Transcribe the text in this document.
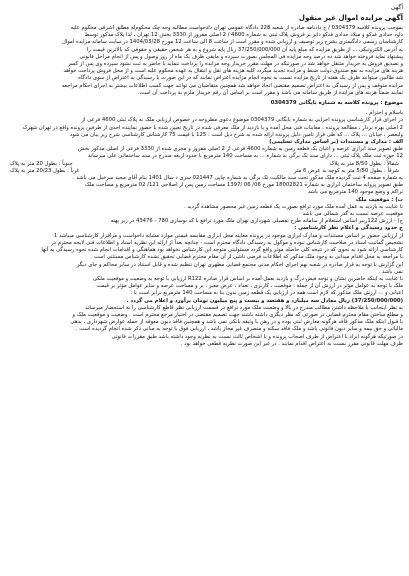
آگهی

آگهی مزایده اموال غیر منقول

بموجب پرونده کلاسه 0304379 / ج دادنامه صادره از شعبه 228 دادگاه عمومی تهران دادخواست مطالبه وجه چک محکوم‌له مطلق اشرفی محکوم علیه

داود حدادی فدکو و میلاد حدادی فدکو دایر بر فروش پلاک ثبتی به شماره 4600 / 2 اصلی مفروز از 3330 بخش 12 تهران ، لذا پلاک مذکور توسط

کارشناسان رسمی دادگستری بشرح زیر توصیف و ارزیابی شده و مقرر است از ساعت 8 الی ساعت 12 مورخ 1404/03/28 در سایت سامانه مزایده اموال

به آدرس الکترونیکی ... از طریق مزایده که مبلغ پایه آن 37/250/000/000 ریال پایه شروع و به هر شخص حقیقی و حقوقی که بالاترین قیمت را

پیشنهاد نماید فروخته خواهد شد ده درصد وجه مزایده فی المجلس بصورت سپرده و مابقی ظرف یک ماه از روز وصول و پس از انجام مراحل قانونی

و تصدیق فروش به خریدار منتقل خواهد شد در صورتیکه در مهلت مقرر خریدار وجه مزایده را پرداخت ننماید یا حاضر به ثبت نشود سپرده وی پس از کسر

هزینه های مزایده به نفع صندوق دولت ضبط و مزایده تجدید میگردد کلیه هزینه های نقل و انتقال به عهده محکوم علیه است و از محل فروش پرداخت خواهد

شد طالبین میتوانند ظرف یک هفته از تاریخ مزایده نسبت به نحوه انجام مزایده اعتراض نمایند که در این صورت با رسیدگی به اعتراض از سوی دادگاه

مزایده متوقف و پس از رسیدگی به اعتراض تصمیم مقتضی اتخاذ خواهد شد همچنین متقاضیان می توانند جهت کسب اطلاعات بیشتر به اجرای احکام مراجعه

نمایند ضمناً هزینه های مزایده از طریق سامانه می باشد و مقرر است بر اساس آن رقم خریدار ملزم به پرداخت آن است.

موضوع : پرونده کلاسه به شماره بایگانی 0304379

باسلام و احترام ،

در اجرای قرار کارشناسی پرونده اجرایی به شماره بایگانی 0304379 موضوع دعوی مطروحه در خصوص ارزیابی ملک به پلاک ثبتی 4600 فرعی از

2 اصلی بهره بردار ، مطالعه پرونده ، معاینات فنی محل آمده و با بازدید از ملک معرفی شده در تاریخ تعیین شده با حضور نماینده احدی از طرفین پرونده واقع در تهران شهرک

ولیعصر ، خیابان ... پلاک ... که طی قرار تامین دلیل پرونده ارائه شده به شرح ذیل است : 125 با قیمت 75 کارشناس کارشناسی شرح زیر بیان می شود

الف : مدارک و مستندات (بر اساس مدارک تسلیمی)

طبق تصویر سند ابرازی عرصه و اعیان یک قطعه زمین به شماره 4600 فرعی از 2 اصلی مفروز و مجزی شده از 3330 فرعی از اصلی مذکور بخش

12 حوزه ثبت ملک پلاک ثبتی ... دارای سند تک برگی به شماره ... به مساحت 140 مترمربع با حدود اربعه مندرج در سند ساختمانی علی میرساند

شمالاً : بطول 8/50 متر به پلاک
جنوباً : بطول 20 متر به پلاک
شرقاً : بطول 5/50 متر به کوچه به عرض 6 متر
غرباً : بطول 20/23 متر به پلاک

به شماره صفحه 4 ثبت گردیده ملک مذکور تحت سند مالکیت تک برگی به شماره چاپی 021447 سری د سال 1401 بنام آقای مجید سرخیل می باشد .

طبق تصویر پروانه ساختمان ابرازی به شماره 18002821 مورخ 06/ 06 /1397 مساحت زمین پس از اصلاحی 121/ 02 مترمربع و مساحت ملک

تراکم و وضع موجود 140 مترمربع می باشد

ب) : موقعیت ملک

با عنایت به بازدید به عمل آمده ملک مورد ترافع بصورت یک قطعه زمین غیر محصور مشاهده گردید .

موقعیت عرصه نسبت به گذر شمالی می باشد

ج) - ارزش 122ریبر اساس استعلام از سامانه طرح تفصیلی شهرداری تهران ملک مورد ترافع با کد نوسازی 780 - 43476 در زیر پهنه

ج حدود رسیدگی و اعلام نظر کارشناسی :

از ارزیابی حضور بر اساس مستندات و مدارک ابرازی موجود در پرونده معاینه محل ابرازی مقایسه قیمتی موارد مشابه داخواست و مزاقرار کارشناسی میباشد 1

تشخیص گمانیت اسناد در صلاحیت کارشناس نبوده و موکول به رسیدگی دادگاه محترم است - چنانچه بعداً از ارائه این نظریه اسناد و اطلاعات فنی لایحه محترم در

کارشناسی ارائه شود به نحوی که در نتیجه کلی حاصله موثر واقع گردد مسئولیتی متوجه این کارشناس نخواهد بود هماهنگی و اقدامات انجام شده نحوه رسیدگی به آنها

با مراجعه به محل اقدام میدانی به وجود ملک مذکور که اطلاعات فرضی ناشی از آن مقام محترم قضایی تحقیق نشده کارشناس مستثنی است .

این گزارش با توجه به قرار صادره در شعبه نهم اجرای احکام مدنی مجتمع قضایی مطهری تهران تنظیم شده و قابل استناد در سایر محاکم و جای دیگر

نمی باشد .

با عنایت به اینکه حاضرین نشان و توجه فیض درگ و بازدید بعمل آمده بر اساس قرار صادره R122 ارزیابی با توجه به وضعیت و موقعیت ملکی

ملک با توجه به عوامل مؤثر در ارزش آن از جمله : موقعیت ، کاربری ، تعداد ، عرض معبر ، بر و مساحت عرصه و سایر عوامل مؤثر بر قیمت

اعیانی و ... ارزش ملک مذکور که لازم است همه در ارزیابی یک قطعه زمین بدون بنا به مساحت 140 مترمربع برابر است با :

(37/250/000/000) ریال معادل سه میلیارد و هفتصد و بیست و پنج میلیون تومان برآورد و اعلام می گردد .

به نظر اینجانب با ملاحظه داشتن مطالب مندرج در بالا و وضعیت ملک مورد ترافع در قسمت ارزیابی نظر قاطع کارشناسی را به استحضار میرساند

و مطلع ساختن مقام محترم قضایی در صورتی که نظر دیگری داشته باشند جهت تصمیم مقتضی در اختیار مرجع محترم است . وضعیت و موقعیت ملک و

با قبول اینکه ملک مذکور فاقد هرگونه معارض ثبتی بوده و در رهن یا وثیقه بانکی نمی باشد و همچنین فاقد دیون معوقه از جمله عوارض شهرداری ، بدهی

مالیاتی و حق بیمه و سایر دیون قانونی باشد و ملک فاقد سکنه و متصرف غیر مجاز باشد ، ارزیابی فوق با توجه به مبانی ذکر شده انجام گردیده است .

در صورتیکه هرگونه ایراد یا اعتراض از طرف اصحاب پرونده و یا اشخاص ثالث نسبت به نظریه وجود داشته باشد طبق مقررات قانونی

ظرف مهلت قانونی مقرر نسبت به اعتراض اقدام نمایند . در غیر این صورت نظریه قطعی خواهد بود .
